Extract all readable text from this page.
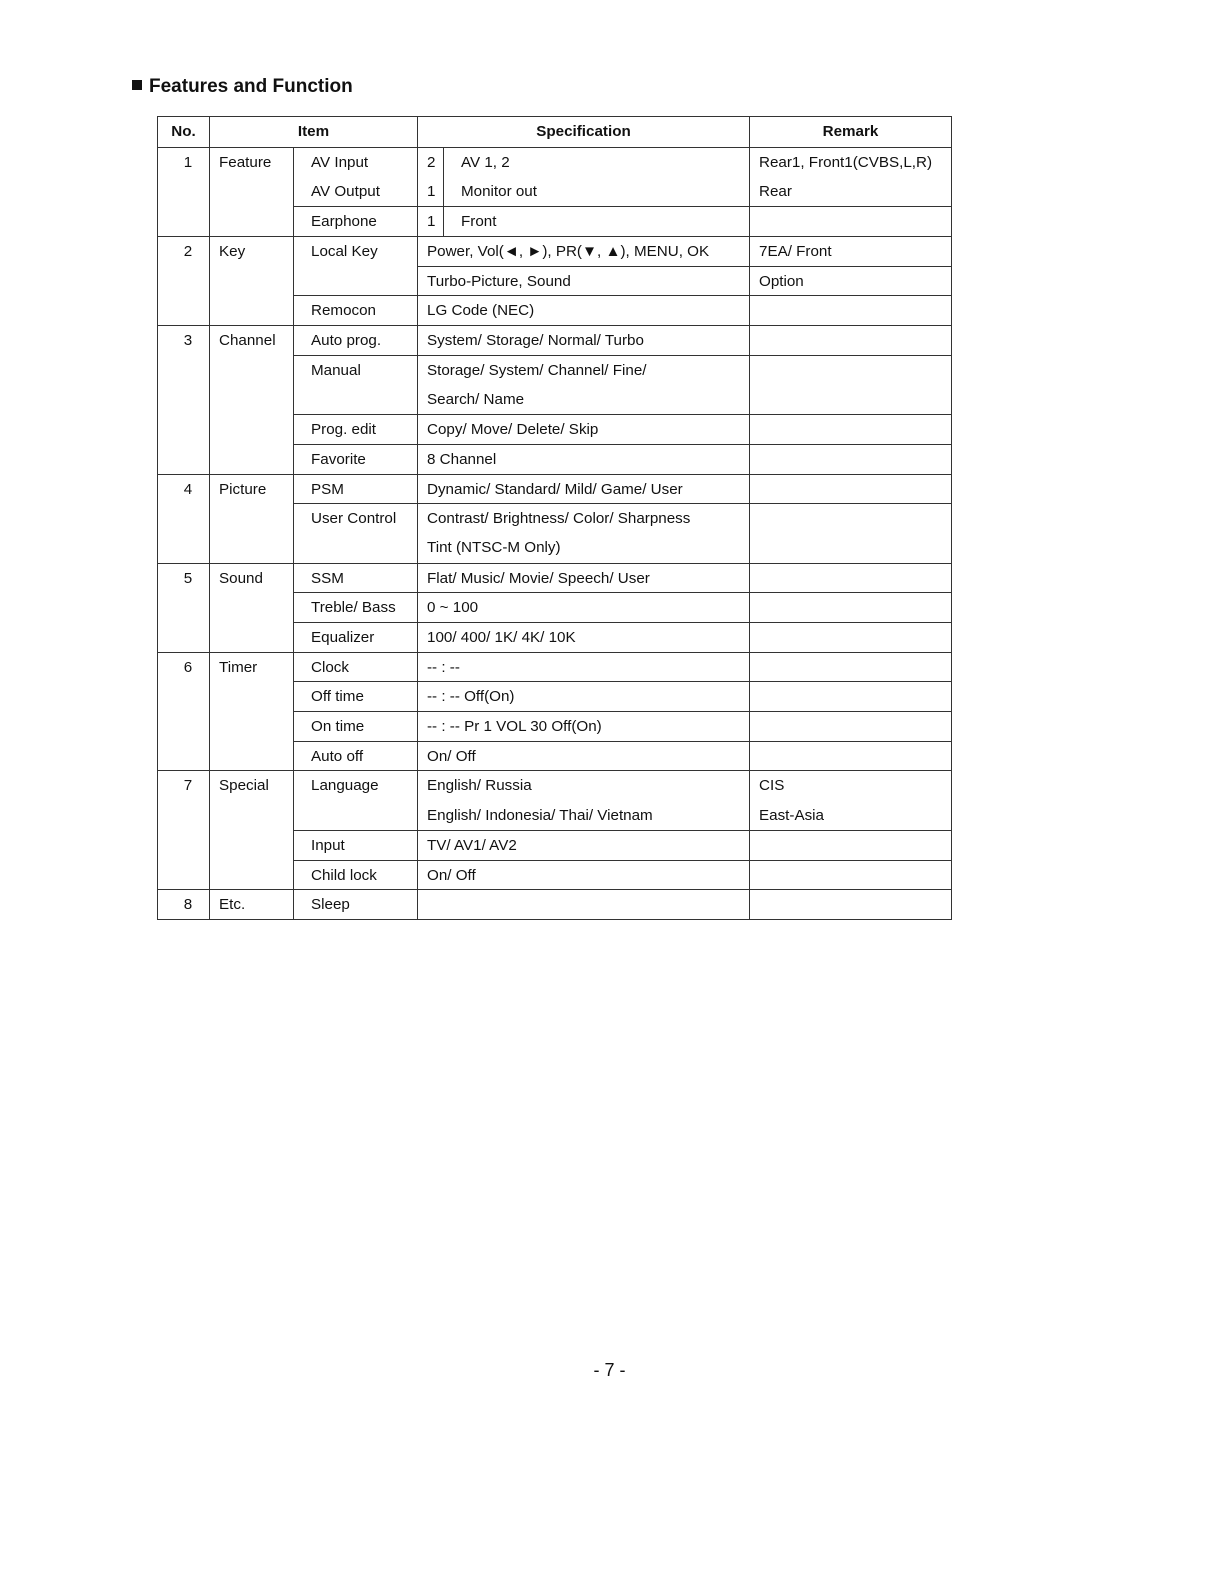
Features and Function
No.	Item		Specification		Remark
1	Feature	AV Input	2	AV 1, 2	Rear1, Front1(CVBS,L,R)
		AV Output	1	Monitor out	Rear
		Earphone	1	Front	
2	Key	Local Key	Power, Vol(◄, ►), PR(▼, ▲), MENU, OK		7EA/ Front
			Turbo-Picture, Sound		Option
		Remocon	LG Code (NEC)		
3	Channel	Auto prog.	System/ Storage/ Normal/ Turbo		
		Manual	Storage/ System/ Channel/ Fine/		
			Search/ Name		
		Prog. edit	Copy/ Move/ Delete/ Skip		
		Favorite	8 Channel		
4	Picture	PSM	Dynamic/ Standard/ Mild/ Game/ User		
		User Control	Contrast/ Brightness/ Color/ Sharpness		
			Tint (NTSC-M Only)		
5	Sound	SSM	Flat/ Music/ Movie/ Speech/ User		
		Treble/ Bass	0 ~ 100		
		Equalizer	100/ 400/ 1K/ 4K/ 10K		
6	Timer	Clock	-- : --		
		Off time	-- : -- Off(On)		
		On time	-- : -- Pr 1 VOL 30 Off(On)		
		Auto off	On/ Off		
7	Special	Language	English/ Russia		CIS
			English/ Indonesia/ Thai/ Vietnam		East-Asia
		Input	TV/ AV1/ AV2		
		Child lock	On/ Off		
8	Etc.	Sleep			
- 7 -
